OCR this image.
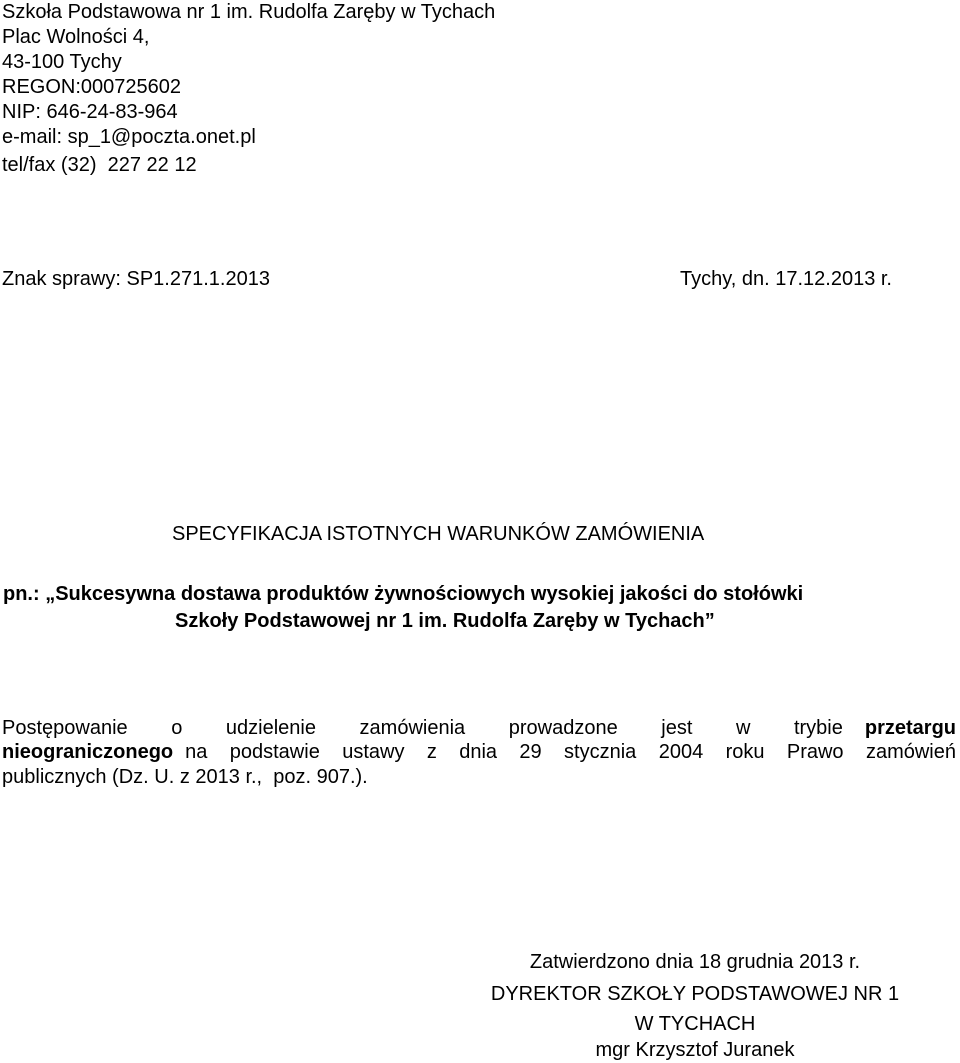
Szkoła Podstawowa nr 1 im. Rudolfa Zaręby w Tychach
Plac Wolności 4,
43-100 Tychy
REGON:000725602
NIP: 646-24-83-964
e-mail: sp_1@poczta.onet.pl
tel/fax (32)  227 22 12
Znak sprawy: SP1.271.1.2013	Tychy, dn. 17.12.2013 r.
SPECYFIKACJA ISTOTNYCH WARUNKÓW ZAMÓWIENIA
pn.: „Sukcesywna dostawa produktów żywnościowych wysokiej jakości do stołówki
Szkoły Podstawowej nr 1 im. Rudolfa Zaręby w Tychach”
Postępowanie o udzielenie zamówienia prowadzone jest w trybie	przetargu
nieograniczonego na podstawie ustawy z dnia 29 stycznia 2004 roku Prawo zamówień
publicznych (Dz. U. z 2013 r.,  poz. 907.).
Zatwierdzono dnia 18 grudnia 2013 r.
DYREKTOR SZKOŁY PODSTAWOWEJ NR 1
W TYCHACH
mgr Krzysztof Juranek
